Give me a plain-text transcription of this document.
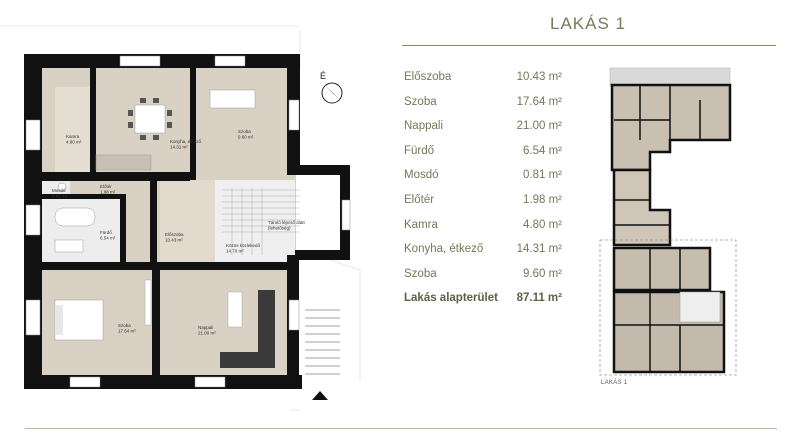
LAKÁS 1
Előszoba	10.43 m²
Szoba	17.64 m²
Nappali	21.00 m²
Fürdő	6.54 m²
Mosdó	0.81 m²
Előtér	1.98 m²
Kamra	4.80 m²
Konyha, étkező	14.31 m²
Szoba	9.60 m²
Lakás alapterület 87.11 m²
É
Kamra 4.80 m²	Konyha, étkező 14.31 m²
Szoba 9.60 m²
Előtér 1.98 m²
Mosdó 0.81 m²
Fürdő 6.54 m²
Előszoba 10.43 m²
Tároló lépcső alatt (lehetőség)
Közös közlekedő 14.70 m²
Szoba 17.64 m²
Nappali 21.00 m²
LAKÁS 1
